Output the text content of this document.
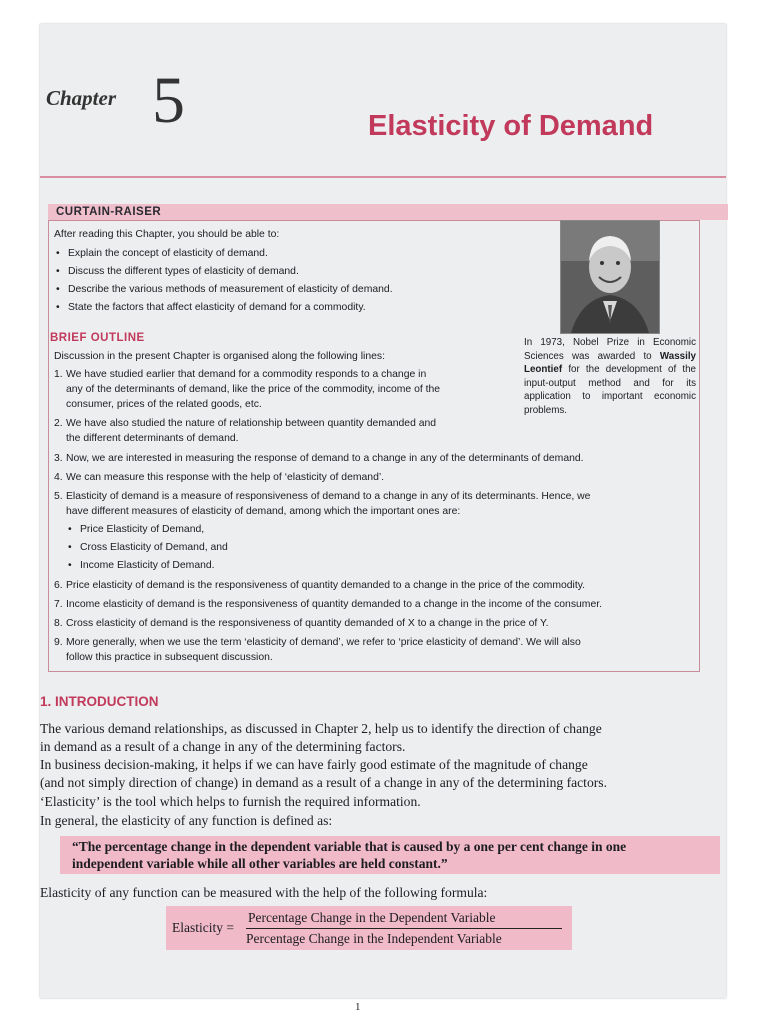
Chapter 5	Elasticity of Demand
CURTAIN-RAISER
After reading this Chapter, you should be able to:
• Explain the concept of elasticity of demand.
• Discuss the different types of elasticity of demand.
• Describe the various methods of measurement of elasticity of demand.
• State the factors that affect elasticity of demand for a commodity.
In 1973, Nobel Prize in Economic Sciences was awarded to Wassily Leontief for the development of the input-output method and for its application to important economic problems.
BRIEF OUTLINE
Discussion in the present Chapter is organised along the following lines:
1. We have studied earlier that demand for a commodity responds to a change in
any of the determinants of demand, like the price of the commodity, income of the
consumer, prices of the related goods, etc.
2. We have also studied the nature of relationship between quantity demanded and
the different determinants of demand.
3. Now, we are interested in measuring the response of demand to a change in any of the determinants of demand.
4. We can measure this response with the help of ‘elasticity of demand’.
5. Elasticity of demand is a measure of responsiveness of demand to a change in any of its determinants. Hence, we
have different measures of elasticity of demand, among which the important ones are:
• Price Elasticity of Demand,
• Cross Elasticity of Demand, and
• Income Elasticity of Demand.
6. Price elasticity of demand is the responsiveness of quantity demanded to a change in the price of the commodity.
7. Income elasticity of demand is the responsiveness of quantity demanded to a change in the income of the consumer.
8. Cross elasticity of demand is the responsiveness of quantity demanded of X to a change in the price of Y.
9. More generally, when we use the term ‘elasticity of demand’, we refer to ‘price elasticity of demand’. We will also
follow this practice in subsequent discussion.
1. INTRODUCTION
The various demand relationships, as discussed in Chapter 2, help us to identify the direction of change
in demand as a result of a change in any of the determining factors.
In business decision-making, it helps if we can have fairly good estimate of the magnitude of change
(and not simply direction of change) in demand as a result of a change in any of the determining factors.
‘Elasticity’ is the tool which helps to furnish the required information.
In general, the elasticity of any function is defined as:
“The percentage change in the dependent variable that is caused by a one per cent change in one
independent variable while all other variables are held constant.”
Elasticity of any function can be measured with the help of the following formula:
Elasticity =
Percentage Change in the Dependent Variable
Percentage Change in the Independent Variable
1
